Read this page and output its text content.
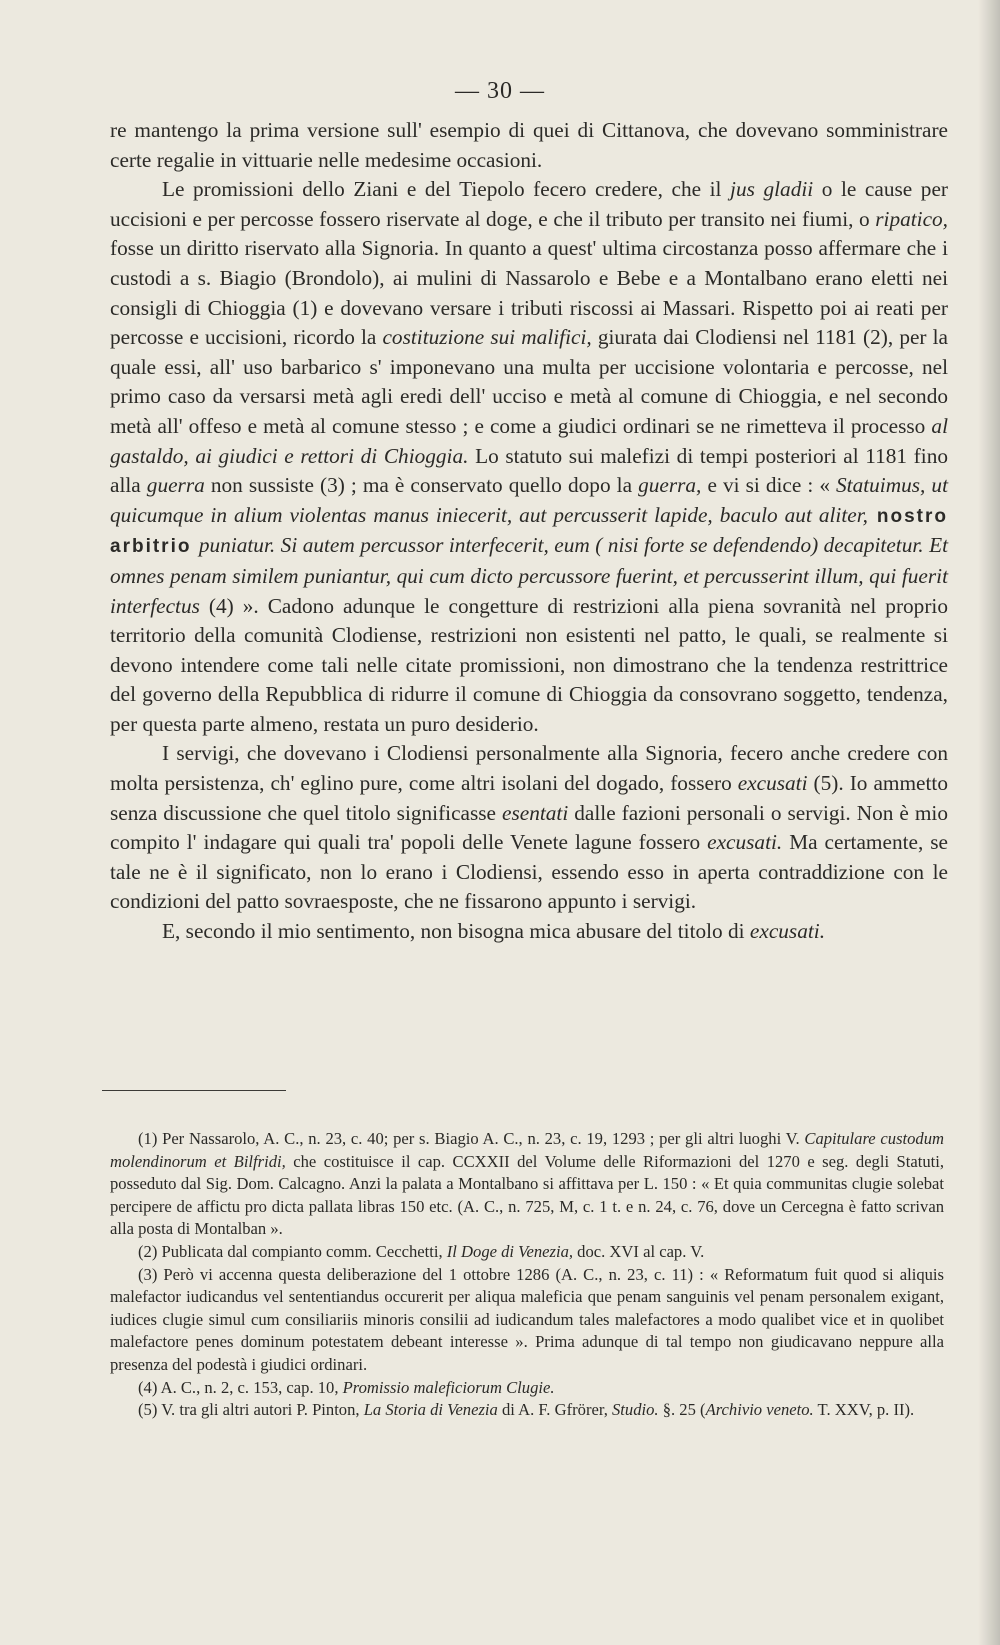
— 30 —

re mantengo la prima versione sull' esempio di quei di Cittanova, che dovevano somministrare certe regalie in vittuarie nelle medesime occasioni.

Le promissioni dello Ziani e del Tiepolo fecero credere, che il jus gladii o le cause per uccisioni e per percosse fossero riservate al doge, e che il tributo per transito nei fiumi, o ripatico, fosse un diritto riservato alla Signoria. In quanto a quest' ultima circostanza posso affermare che i custodi a s. Biagio (Brondolo), ai mulini di Nassarolo e Bebe e a Montalbano erano eletti nei consigli di Chioggia (1) e dovevano versare i tributi riscossi ai Massari. Rispetto poi ai reati per percosse e uccisioni, ricordo la costituzione sui malifici, giurata dai Clodiensi nel 1181 (2), per la quale essi, all' uso barbarico s' imponevano una multa per uccisione volontaria e percosse, nel primo caso da versarsi metà agli eredi dell' ucciso e metà al comune di Chioggia, e nel secondo metà all' offeso e metà al comune stesso ; e come a giudici ordinari se ne rimetteva il processo al gastaldo, ai giudici e rettori di Chioggia. Lo statuto sui malefizi di tempi posteriori al 1181 fino alla guerra non sussiste (3) ; ma è conservato quello dopo la guerra, e vi si dice : « Statuimus, ut quicumque in alium violentas manus iniecerit, aut percusserit lapide, baculo aut aliter, nostro arbitrio puniatur. Si autem percussor interfecerit, eum ( nisi forte se defendendo) decapitetur. Et omnes penam similem puniantur, qui cum dicto percussore fuerint, et percusserint illum, qui fuerit interfectus (4) ». Cadono adunque le congetture di restrizioni alla piena sovranità nel proprio territorio della comunità Clodiense, restrizioni non esistenti nel patto, le quali, se realmente si devono intendere come tali nelle citate promissioni, non dimostrano che la tendenza restrittrice del governo della Repubblica di ridurre il comune di Chioggia da consovrano soggetto, tendenza, per questa parte almeno, restata un puro desiderio.

I servigi, che dovevano i Clodiensi personalmente alla Signoria, fecero anche credere con molta persistenza, ch' eglino pure, come altri isolani del dogado, fossero excusati (5). Io ammetto senza discussione che quel titolo significasse esentati dalle fazioni personali o servigi. Non è mio compito l' indagare qui quali tra' popoli delle Venete lagune fossero excusati. Ma certamente, se tale ne è il significato, non lo erano i Clodiensi, essendo esso in aperta contraddizione con le condizioni del patto sovraesposte, che ne fissarono appunto i servigi.

E, secondo il mio sentimento, non bisogna mica abusare del titolo di excusati.

(1) Per Nassarolo, A. C., n. 23, c. 40; per s. Biagio A. C., n. 23, c. 19, 1293 ; per gli altri luoghi V. Capitulare custodum molendinorum et Bilfridi, che costituisce il cap. CCXXII del Volume delle Riformazioni del 1270 e seg. degli Statuti, posseduto dal Sig. Dom. Calcagno. Anzi la palata a Montalbano si affittava per L. 150 : « Et quia communitas clugie solebat percipere de affictu pro dicta pallata libras 150 etc. (A. C., n. 725, M, c. 1 t. e n. 24, c. 76, dove un Cercegna è fatto scrivan alla posta di Montalban ».

(2) Publicata dal compianto comm. Cecchetti, Il Doge di Venezia, doc. XVI al cap. V.

(3) Però vi accenna questa deliberazione del 1 ottobre 1286 (A. C., n. 23, c. 11) : « Reformatum fuit quod si aliquis malefactor iudicandus vel sententiandus occurerit per aliqua maleficia que penam sanguinis vel penam personalem exigant, iudices clugie simul cum consiliariis minoris consilii ad iudicandum tales malefactores a modo qualibet vice et in quolibet malefactore penes dominum potestatem debeant interesse ». Prima adunque di tal tempo non giudicavano neppure alla presenza del podestà i giudici ordinari.

(4) A. C., n. 2, c. 153, cap. 10, Promissio maleficiorum Clugie.

(5) V. tra gli altri autori P. Pinton, La Storia di Venezia di A. F. Gfrörer, Studio. §. 25 (Archivio veneto. T. XXV, p. II).
